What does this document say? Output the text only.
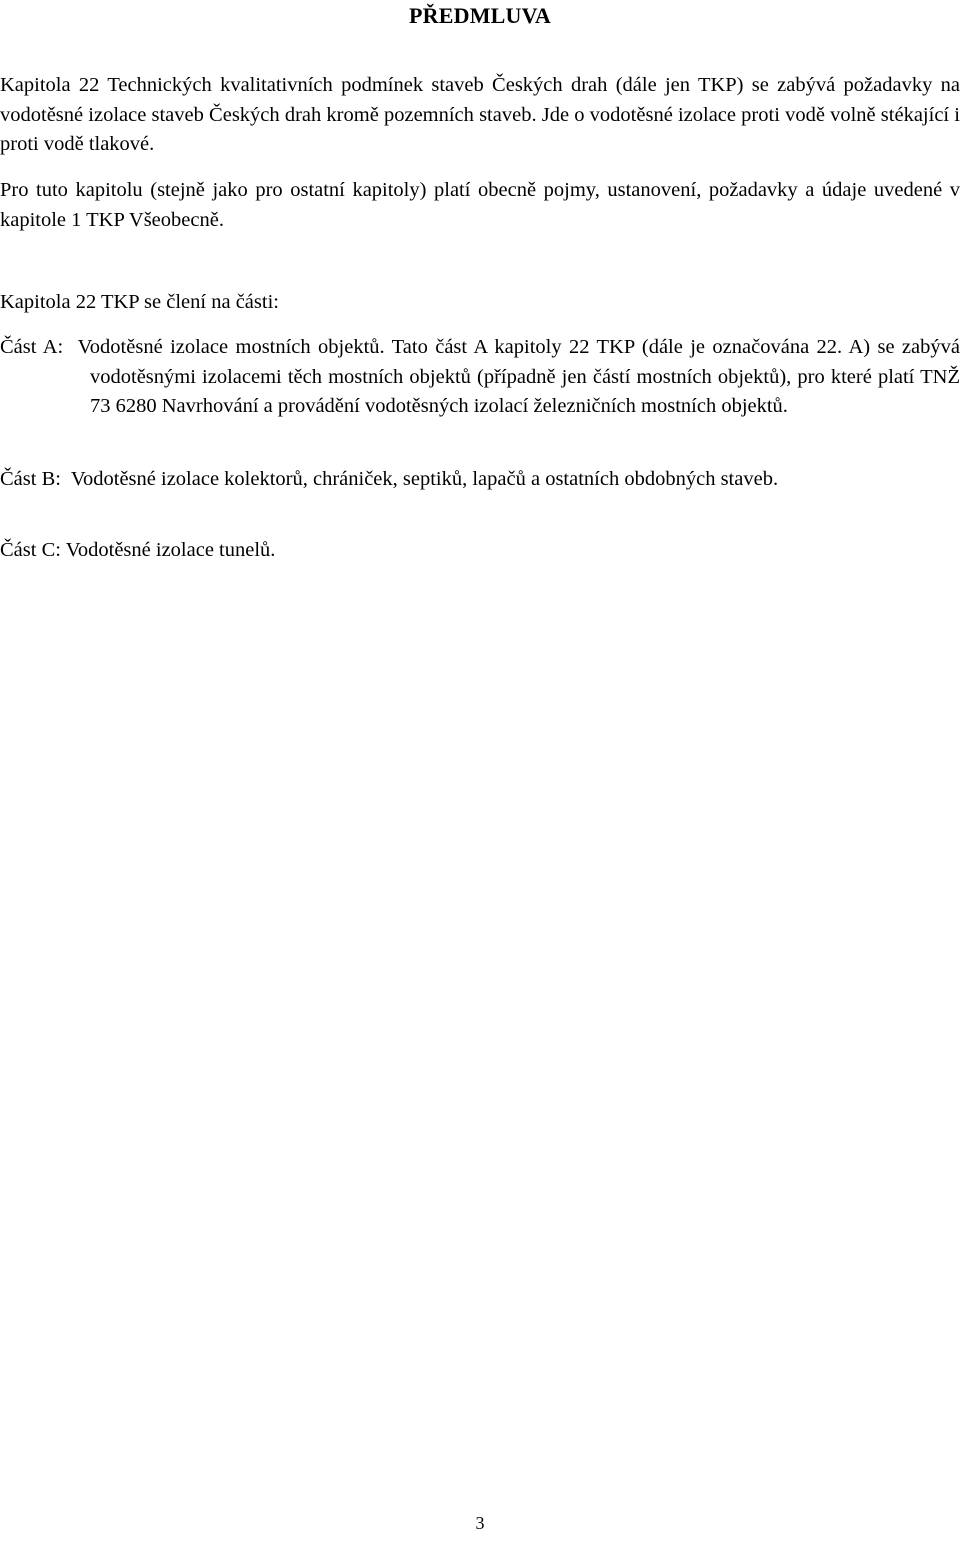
PŘEDMLUVA
Kapitola 22 Technických kvalitativních podmínek staveb Českých drah (dále jen TKP) se zabývá požadavky na vodotěsné izolace staveb Českých drah kromě pozemních staveb. Jde o vodotěsné izolace proti vodě volně stékající i proti vodě tlakové.
Pro tuto kapitolu (stejně jako pro ostatní kapitoly) platí obecně pojmy, ustanovení, požadavky a údaje uvedené v kapitole 1 TKP Všeobecně.
Kapitola 22 TKP se člení na části:
Část A: Vodotěsné izolace mostních objektů. Tato část A kapitoly 22 TKP (dále je označována 22. A) se zabývá vodotěsnými izolacemi těch mostních objektů (případně jen částí mostních objektů), pro které platí TNŽ 73 6280 Navrhování a provádění vodotěsných izolací železničních mostních objektů.
Část B: Vodotěsné izolace kolektorů, chrániček, septiků, lapačů a ostatních obdobných staveb.
Část C: Vodotěsné izolace tunelů.
3
